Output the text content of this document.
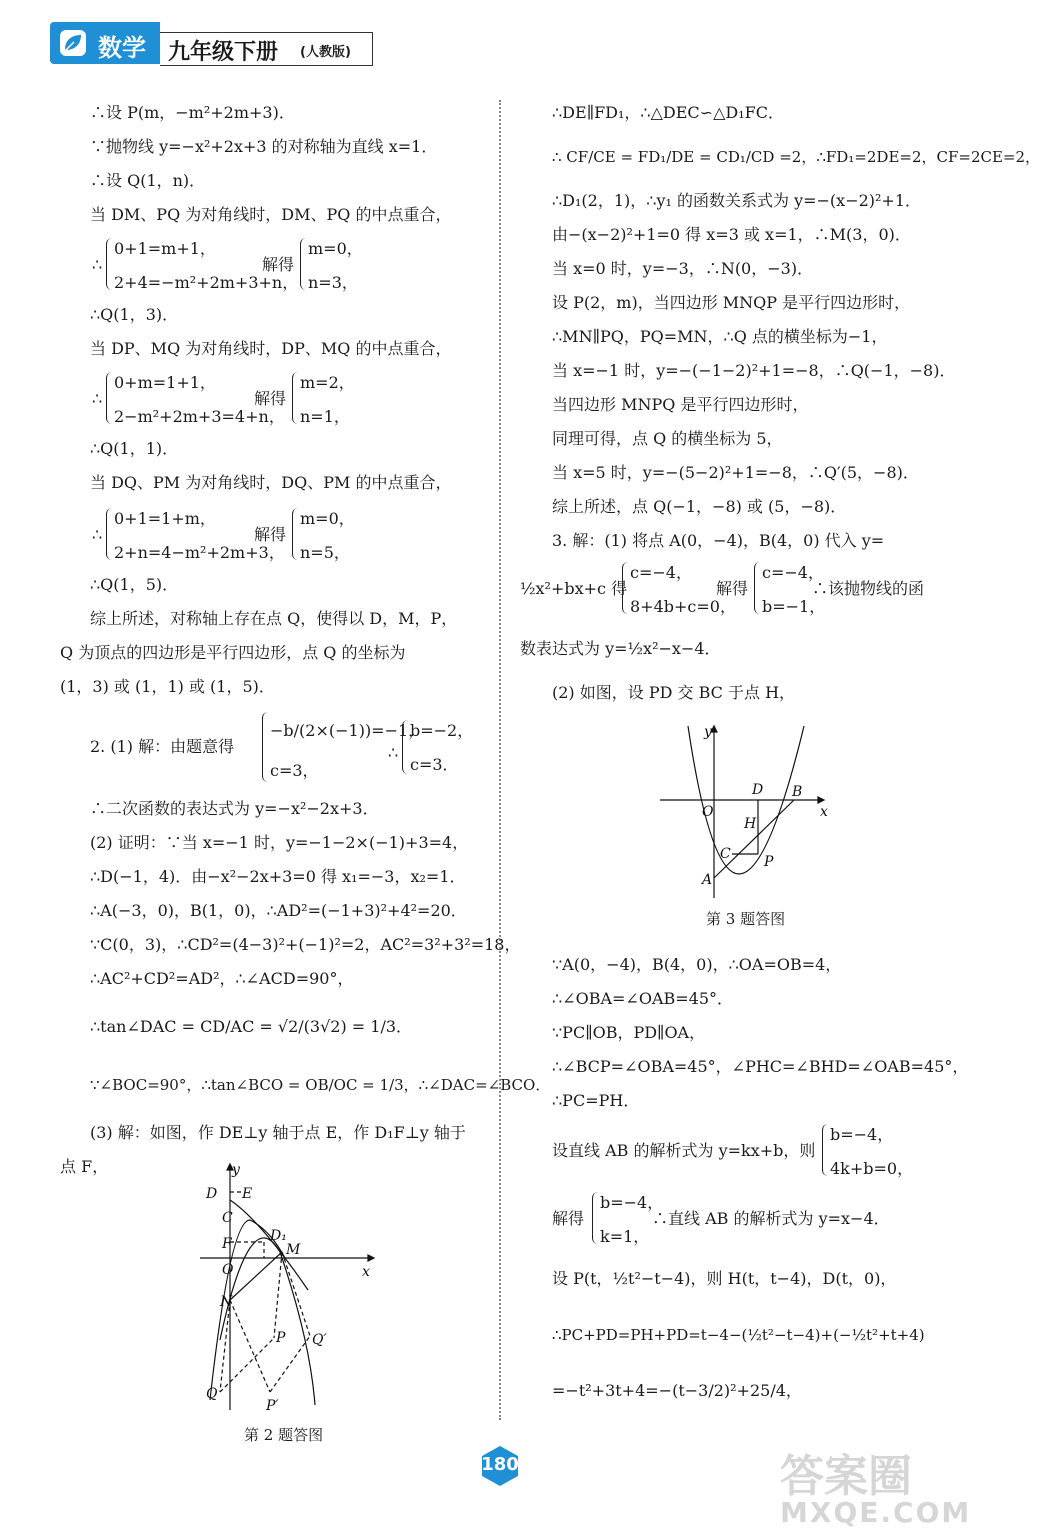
数学 九年级下册 (人教版)
∴设 P(m，−m²+2m+3)．
∵抛物线 y=−x²+2x+3 的对称轴为直线 x=1．
∴设 Q(1，n)．
当 DM、PQ 为对角线时，DM、PQ 的中点重合，
∴
0+1=m+1，
2+4=−m²+2m+3+n，
解得
m=0，
n=3，
∴Q(1，3)．
当 DP、MQ 为对角线时，DP、MQ 的中点重合，
∴
0+m=1+1，
2−m²+2m+3=4+n，
解得
m=2，
n=1，
∴Q(1，1)．
当 DQ、PM 为对角线时，DQ、PM 的中点重合，
∴
0+1=1+m，
2+n=4−m²+2m+3，
解得
m=0，
n=5，
∴Q(1，5)．
综上所述，对称轴上存在点 Q，使得以 D，M，P，
Q 为顶点的四边形是平行四边形，点 Q 的坐标为
(1，3) 或 (1，1) 或 (1，5)．
2. (1) 解：由题意得
−b/(2×(−1))=−1，
c=3，
∴
b=−2，
c=3．
∴二次函数的表达式为 y=−x²−2x+3．
(2) 证明：∵当 x=−1 时，y=−1−2×(−1)+3=4，
∴D(−1，4)．由−x²−2x+3=0 得 x₁=−3，x₂=1．
∴A(−3，0)，B(1，0)，∴AD²=(−1+3)²+4²=20．
∵C(0，3)，∴CD²=(4−3)²+(−1)²=2，AC²=3²+3²=18，
∴AC²+CD²=AD²，∴∠ACD=90°，
∴tan∠DAC = CD/AC = √2/(3√2) = 1/3．
∵∠BOC=90°，∴tan∠BCO = OB/OC = 1/3，∴∠DAC=∠BCO．
(3) 解：如图，作 DE⊥y 轴于点 E，作 D₁F⊥y 轴于
点 F，	y
D E
C
D₁
F	M
O	x
N
P Q′
Q
P′
第 2 题答图
∴DE∥FD₁，∴△DEC∽△D₁FC．
∴ CF/CE = FD₁/DE = CD₁/CD =2，∴FD₁=2DE=2，CF=2CE=2，
∴D₁(2，1)，∴y₁ 的函数关系式为 y=−(x−2)²+1．
由−(x−2)²+1=0 得 x=3 或 x=1，∴M(3，0)．
当 x=0 时，y=−3，∴N(0，−3)．
设 P(2，m)，当四边形 MNQP 是平行四边形时，
∴MN∥PQ，PQ=MN，∴Q 点的横坐标为−1，
当 x=−1 时，y=−(−1−2)²+1=−8，∴Q(−1，−8)．
当四边形 MNPQ 是平行四边形时，
同理可得，点 Q 的横坐标为 5，
当 x=5 时，y=−(5−2)²+1=−8，∴Q′(5，−8)．
综上所述，点 Q(−1，−8) 或 (5，−8)．
3. 解：(1) 将点 A(0，−4)，B(4，0) 代入 y=
½x²+bx+c 得
c=−4，
8+4b+c=0，
解得
c=−4，
b=−1，
∴该抛物线的函
数表达式为 y=½x²−x−4．
(2) 如图，设 PD 交 BC 于点 H，
∵A(0，−4)，B(4，0)，∴OA=OB=4，
∴∠OBA=∠OAB=45°．
∵PC∥OB，PD∥OA，
∴∠BCP=∠OBA=45°，∠PHC=∠BHD=∠OAB=45°，
∴PC=PH．
设直线 AB 的解析式为 y=kx+b，则
b=−4，
4k+b=0，
解得
b=−4，
k=1，
∴直线 AB 的解析式为 y=x−4．
设 P(t，½t²−t−4)，则 H(t，t−4)，D(t，0)，
∴PC+PD=PH+PD=t−4−(½t²−t−4)+(−½t²+t+4)
=−t²+3t+4=−(t−3/2)²+25/4，
y
D B
O	x
H
C P
A
第 3 题答图
180	答案圈
MXQE.COM
